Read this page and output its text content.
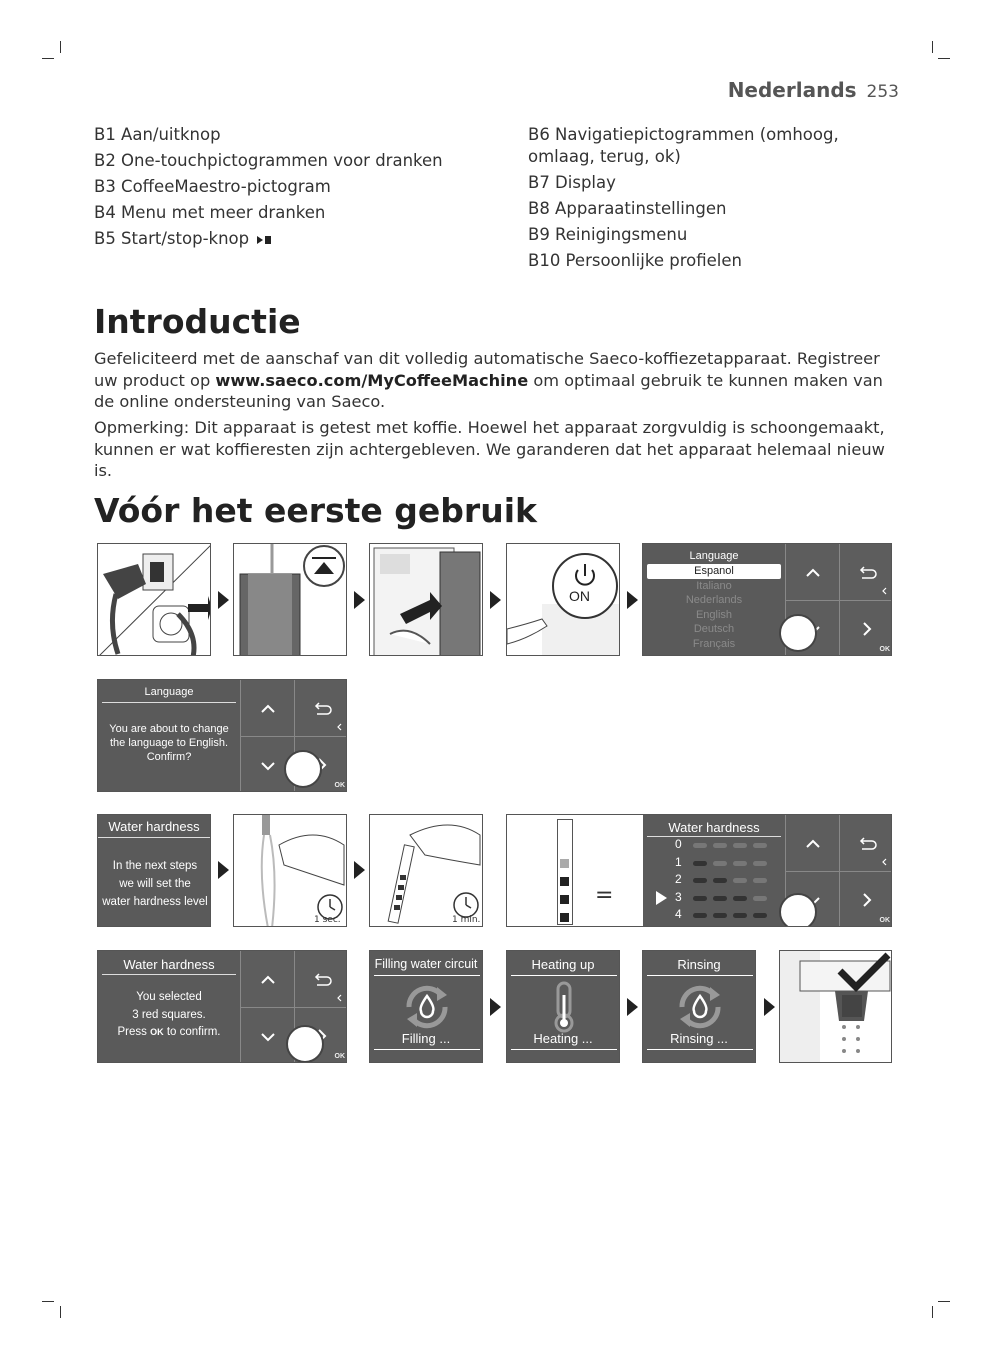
Nederlands 253
B1 Aan/uitknop
B2 One-touchpictogrammen voor dranken
B3 CoffeeMaestro-pictogram
B4 Menu met meer dranken
B5 Start/stop-knop
B6 Navigatiepictogrammen (omhoog, omlaag, terug, ok)
B7 Display
B8 Apparaatinstellingen
B9 Reinigingsmenu
B10 Persoonlijke profielen
Introductie

Gefeliciteerd met de aanschaf van dit volledig automatische Saeco-koffiezetapparaat. Registreer uw product op www.saeco.com/MyCoffeeMachine om optimaal gebruik te kunnen maken van de online ondersteuning van Saeco.

Opmerking: Dit apparaat is getest met koffie. Hoewel het apparaat zorgvuldig is schoongemaakt, kunnen er wat koffieresten zijn achtergebleven. We garanderen dat het apparaat helemaal nieuw is.

Vóór het eerste gebruik
ON
Language
Espanol
Italiano
Nederlands
English
Deutsch
Français	OK
Language
You are about to change
the language to English.
Confirm?
OK
Water hardness
In the next steps
we will set the
water hardness level
1 sec.	1 min.
=
Water hardness
0
1
2
3
4	OK
Water hardness
You selected
3 red squares.
Press OK to confirm.
OK
Filling water circuit
Filling ...
Heating up
Heating ...
Rinsing
Rinsing ...
